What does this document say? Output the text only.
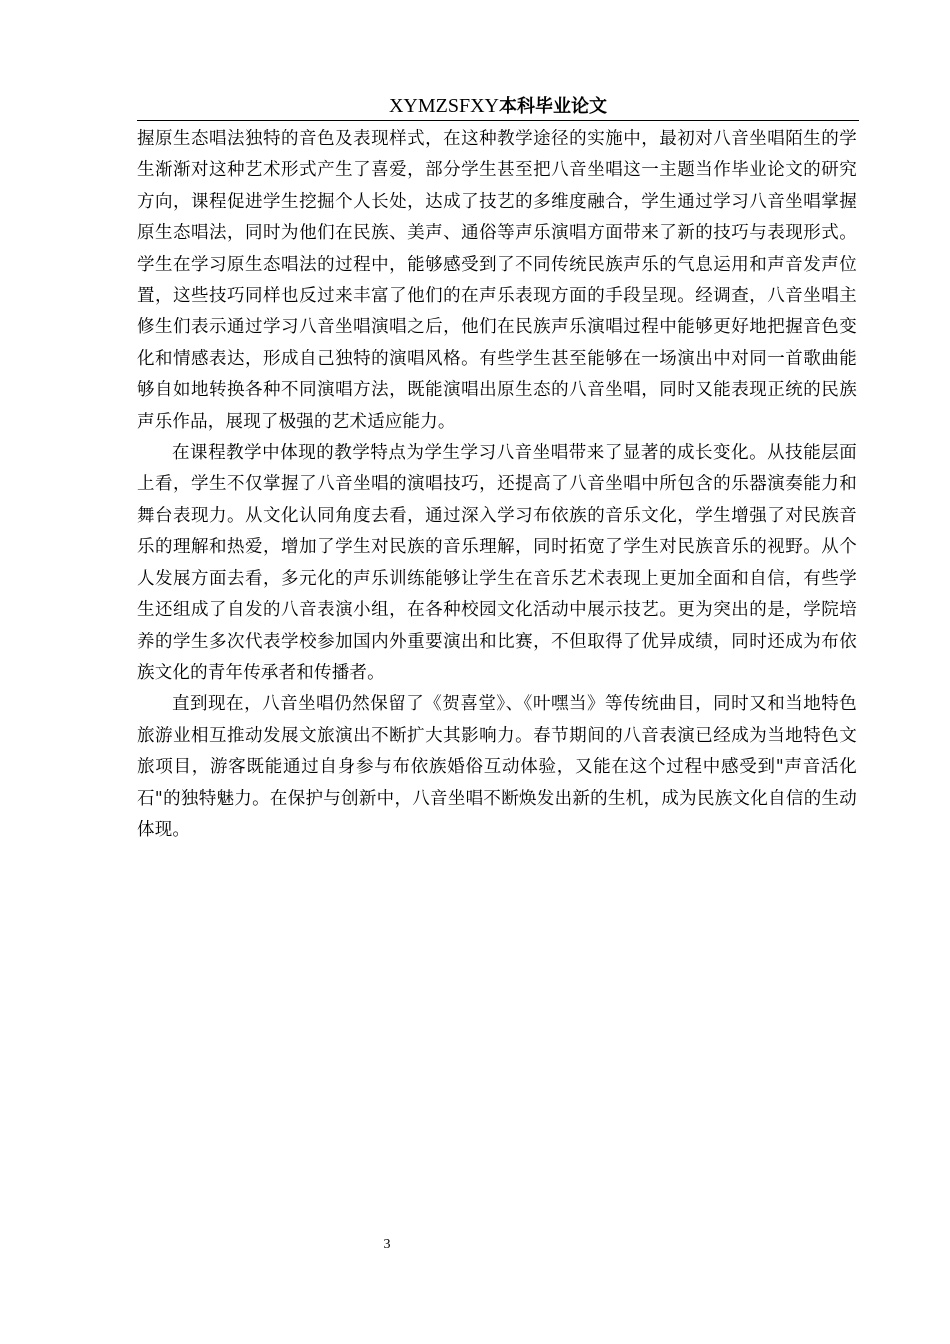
XYMZSFXY本科毕业论文

握原生态唱法独特的音色及表现样式，在这种教学途径的实施中，最初对八音坐唱陌生的学生渐渐对这种艺术形式产生了喜爱，部分学生甚至把八音坐唱这一主题当作毕业论文的研究方向，课程促进学生挖掘个人长处，达成了技艺的多维度融合，学生通过学习八音坐唱掌握原生态唱法，同时为他们在民族、美声、通俗等声乐演唱方面带来了新的技巧与表现形式。学生在学习原生态唱法的过程中，能够感受到了不同传统民族声乐的气息运用和声音发声位置，这些技巧同样也反过来丰富了他们的在声乐表现方面的手段呈现。经调查，八音坐唱主修生们表示通过学习八音坐唱演唱之后，他们在民族声乐演唱过程中能够更好地把握音色变化和情感表达，形成自己独特的演唱风格。有些学生甚至能够在一场演出中对同一首歌曲能够自如地转换各种不同演唱方法，既能演唱出原生态的八音坐唱，同时又能表现正统的民族声乐作品，展现了极强的艺术适应能力。

在课程教学中体现的教学特点为学生学习八音坐唱带来了显著的成长变化。从技能层面上看，学生不仅掌握了八音坐唱的演唱技巧，还提高了八音坐唱中所包含的乐器演奏能力和舞台表现力。从文化认同角度去看，通过深入学习布依族的音乐文化，学生增强了对民族音乐的理解和热爱，增加了学生对民族的音乐理解，同时拓宽了学生对民族音乐的视野。从个人发展方面去看，多元化的声乐训练能够让学生在音乐艺术表现上更加全面和自信，有些学生还组成了自发的八音表演小组，在各种校园文化活动中展示技艺。更为突出的是，学院培养的学生多次代表学校参加国内外重要演出和比赛，不但取得了优异成绩，同时还成为布依族文化的青年传承者和传播者。

直到现在，八音坐唱仍然保留了《贺喜堂》、《叶嘿当》等传统曲目，同时又和当地特色旅游业相互推动发展文旅演出不断扩大其影响力。春节期间的八音表演已经成为当地特色文旅项目，游客既能通过自身参与布依族婚俗互动体验，又能在这个过程中感受到"声音活化石"的独特魅力。在保护与创新中，八音坐唱不断焕发出新的生机，成为民族文化自信的生动体现。

3
